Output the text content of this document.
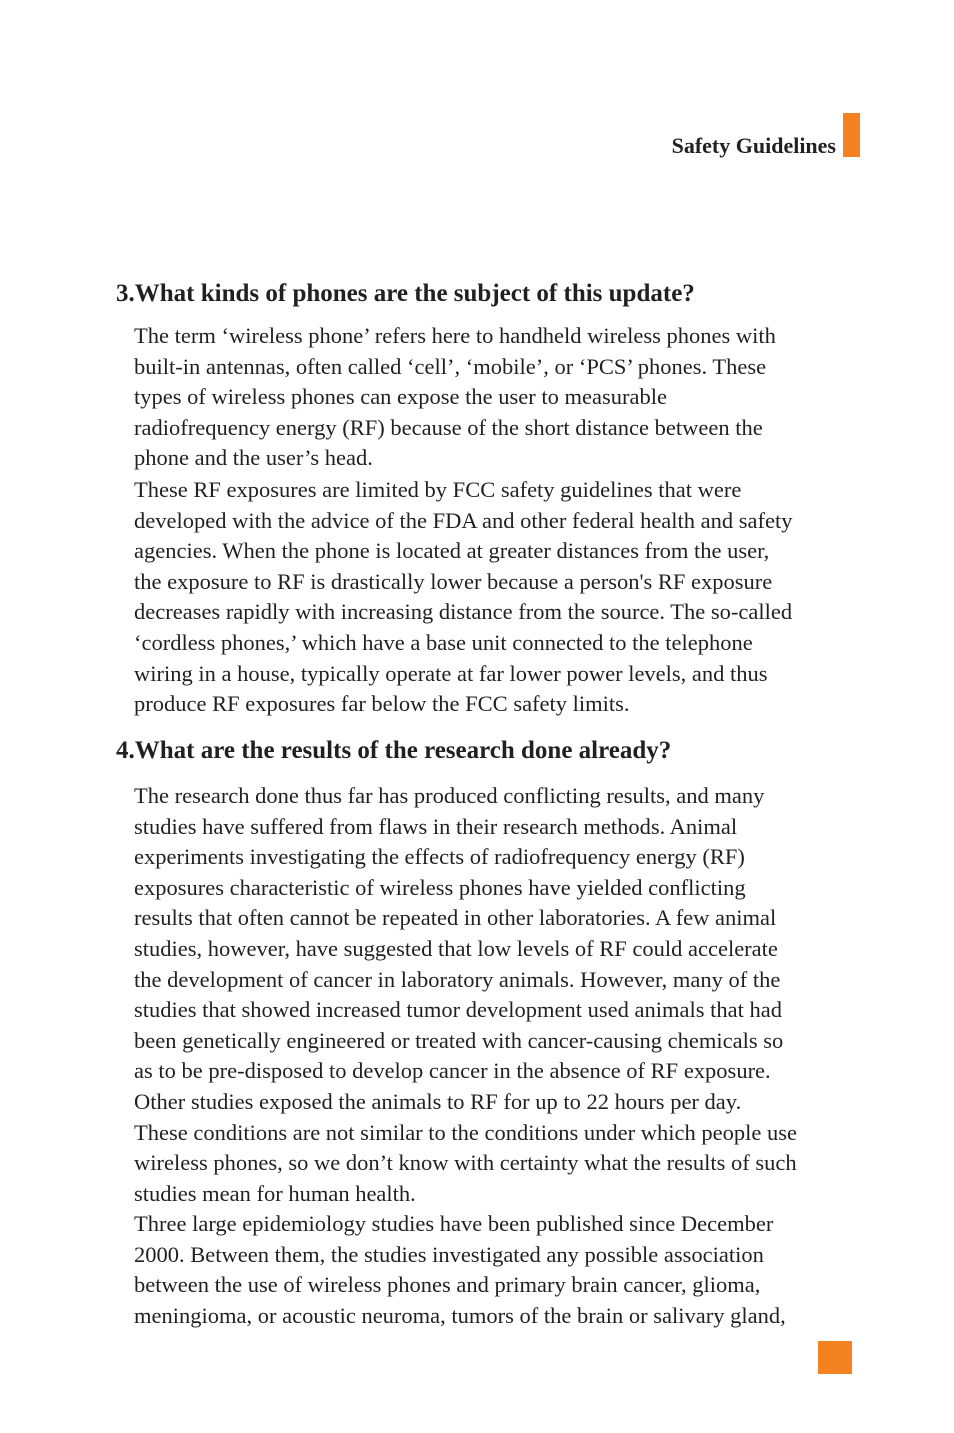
Safety Guidelines
3.What kinds of phones are the subject of this update?

The term ‘wireless phone’ refers here to handheld wireless phones with
built-in antennas, often called ‘cell’, ‘mobile’, or ‘PCS’ phones. These
types of wireless phones can expose the user to measurable
radiofrequency energy (RF) because of the short distance between the
phone and the user’s head.

These RF exposures are limited by FCC safety guidelines that were
developed with the advice of the FDA and other federal health and safety
agencies. When the phone is located at greater distances from the user,
the exposure to RF is drastically lower because a person's RF exposure
decreases rapidly with increasing distance from the source. The so-called
‘cordless phones,’ which have a base unit connected to the telephone
wiring in a house, typically operate at far lower power levels, and thus
produce RF exposures far below the FCC safety limits.

4.What are the results of the research done already?

The research done thus far has produced conflicting results, and many
studies have suffered from flaws in their research methods. Animal
experiments investigating the effects of radiofrequency energy (RF)
exposures characteristic of wireless phones have yielded conflicting
results that often cannot be repeated in other laboratories. A few animal
studies, however, have suggested that low levels of RF could accelerate
the development of cancer in laboratory animals. However, many of the
studies that showed increased tumor development used animals that had
been genetically engineered or treated with cancer-causing chemicals so
as to be pre-disposed to develop cancer in the absence of RF exposure.
Other studies exposed the animals to RF for up to 22 hours per day.
These conditions are not similar to the conditions under which people use
wireless phones, so we don’t know with certainty what the results of such
studies mean for human health.

Three large epidemiology studies have been published since December
2000. Between them, the studies investigated any possible association
between the use of wireless phones and primary brain cancer, glioma,
meningioma, or acoustic neuroma, tumors of the brain or salivary gland,
